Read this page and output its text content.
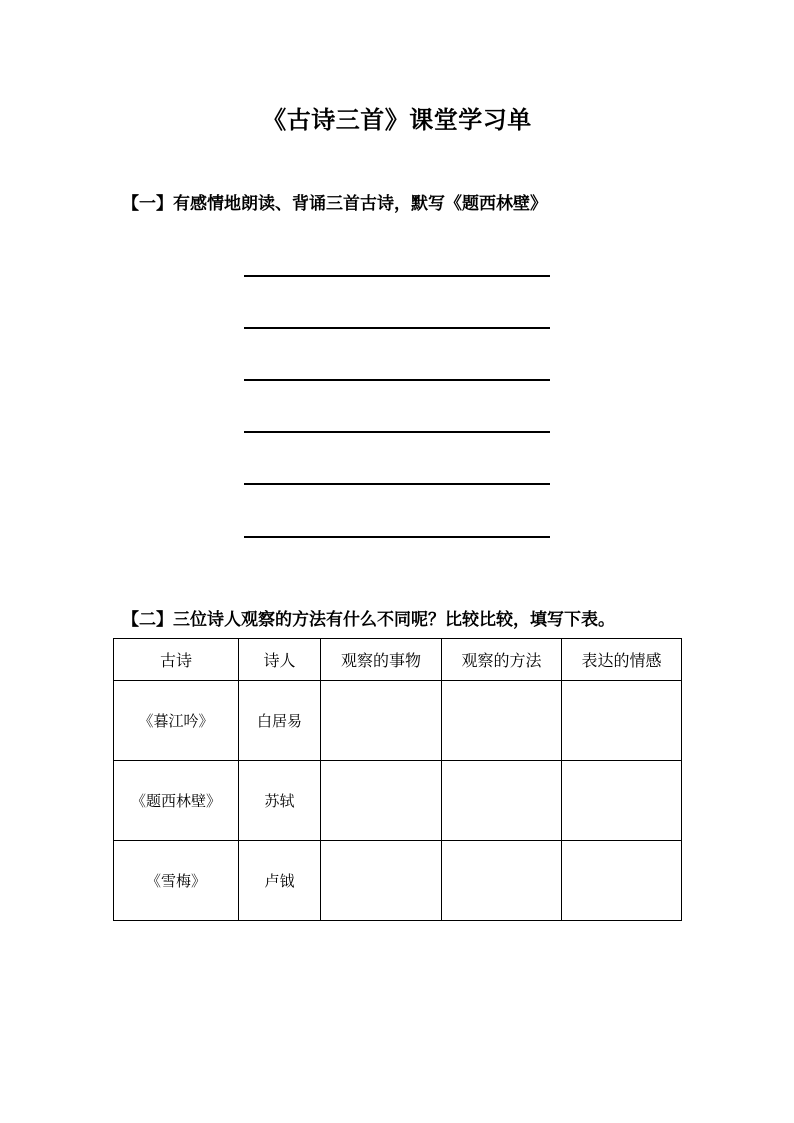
《古诗三首》课堂学习单
【一】有感情地朗读、背诵三首古诗，默写《题西林壁》
【二】三位诗人观察的方法有什么不同呢？比较比较，填写下表。
古诗	诗人	观察的事物	观察的方法	表达的情感
《暮江吟》	白居易			
《题西林壁》	苏轼			
《雪梅》	卢钺			
